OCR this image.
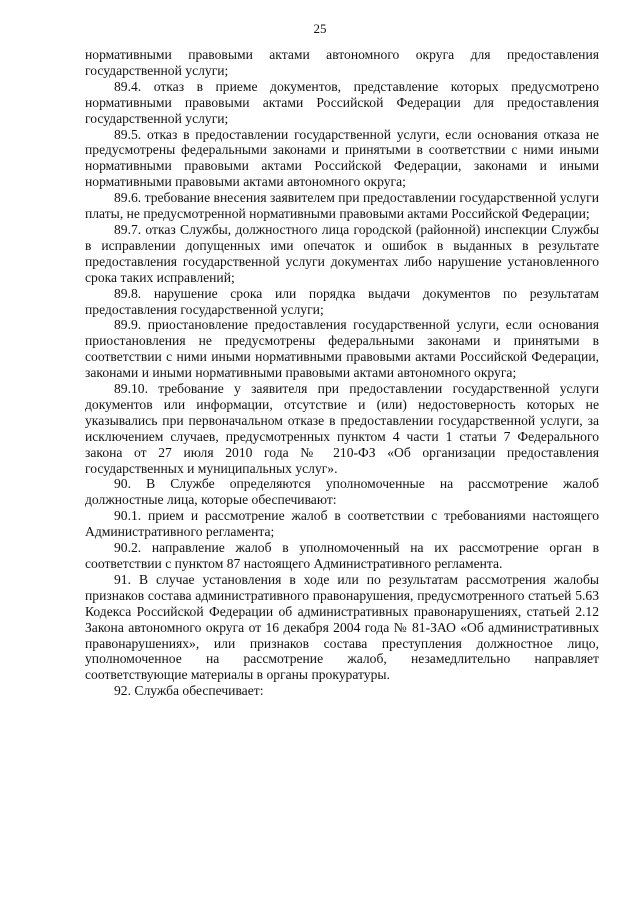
25

нормативными правовыми актами автономного округа для предоставления государственной услуги;

89.4. отказ в приеме документов, представление которых предусмотрено нормативными правовыми актами Российской Федерации для предоставления государственной услуги;

89.5. отказ в предоставлении государственной услуги, если основания отказа не предусмотрены федеральными законами и принятыми в соответствии с ними иными нормативными правовыми актами Российской Федерации, законами и иными нормативными правовыми актами автономного округа;

89.6. требование внесения заявителем при предоставлении государственной услуги платы, не предусмотренной нормативными правовыми актами Российской Федерации;

89.7. отказ Службы, должностного лица городской (районной) инспекции Службы в исправлении допущенных ими опечаток и ошибок в выданных в результате предоставления государственной услуги документах либо нарушение установленного срока таких исправлений;

89.8. нарушение срока или порядка выдачи документов по результатам предоставления государственной услуги;

89.9. приостановление предоставления государственной услуги, если основания приостановления не предусмотрены федеральными законами и принятыми в соответствии с ними иными нормативными правовыми актами Российской Федерации, законами и иными нормативными правовыми актами автономного округа;

89.10. требование у заявителя при предоставлении государственной услуги документов или информации, отсутствие и (или) недостоверность которых не указывались при первоначальном отказе в предоставлении государственной услуги, за исключением случаев, предусмотренных пунктом 4 части 1 статьи 7 Федерального закона от 27 июля 2010 года № 210-ФЗ «Об организации предоставления государственных и муниципальных услуг».

90. В Службе определяются уполномоченные на рассмотрение жалоб должностные лица, которые обеспечивают:

90.1. прием и рассмотрение жалоб в соответствии с требованиями настоящего Административного регламента;

90.2. направление жалоб в уполномоченный на их рассмотрение орган в соответствии с пунктом 87 настоящего Административного регламента.

91. В случае установления в ходе или по результатам рассмотрения жалобы признаков состава административного правонарушения, предусмотренного статьей 5.63 Кодекса Российской Федерации об административных правонарушениях, статьей 2.12 Закона автономного округа от 16 декабря 2004 года № 81-ЗАО «Об административных правонарушениях», или признаков состава преступления должностное лицо, уполномоченное на рассмотрение жалоб, незамедлительно направляет соответствующие материалы в органы прокуратуры.

92. Служба обеспечивает:
